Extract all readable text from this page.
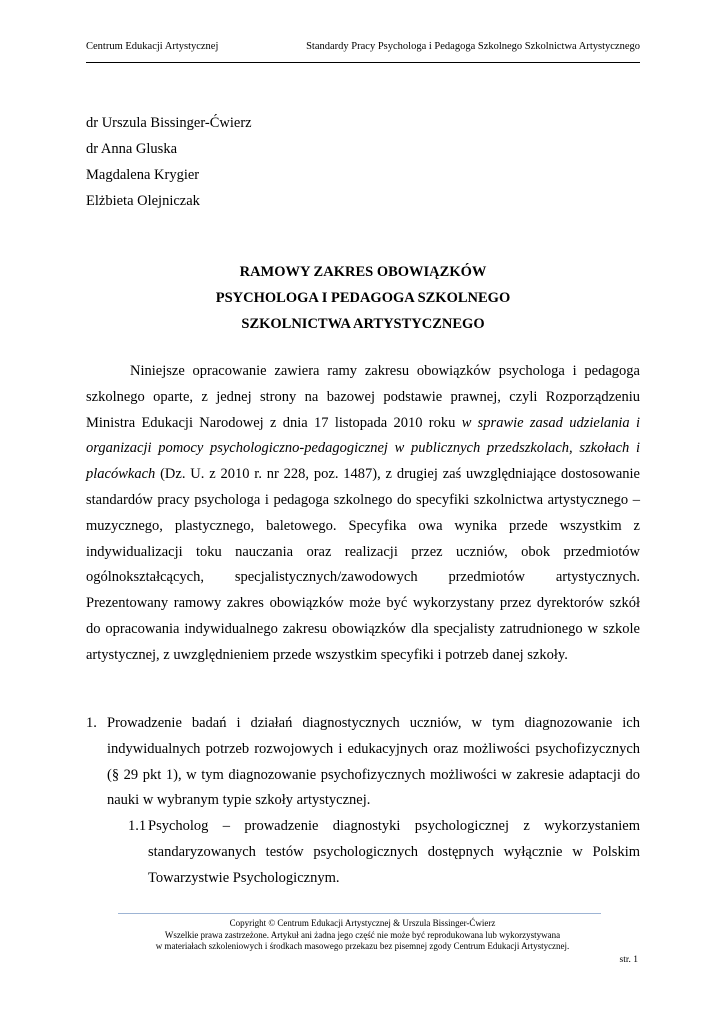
Centrum Edukacji Artystycznej	Standardy Pracy Psychologa i Pedagoga Szkolnego Szkolnictwa Artystycznego
dr Urszula Bissinger-Ćwierz
dr Anna Gluska
Magdalena Krygier
Elżbieta Olejniczak
RAMOWY ZAKRES OBOWIĄZKÓW
PSYCHOLOGA I PEDAGOGA SZKOLNEGO
SZKOLNICTWA ARTYSTYCZNEGO

Niniejsze opracowanie zawiera ramy zakresu obowiązków psychologa i pedagoga szkolnego oparte, z jednej strony na bazowej podstawie prawnej, czyli Rozporządzeniu Ministra Edukacji Narodowej z dnia 17 listopada 2010 roku w sprawie zasad udzielania i organizacji pomocy psychologiczno-pedagogicznej w publicznych przedszkolach, szkołach i placówkach (Dz. U. z 2010 r. nr 228, poz. 1487), z drugiej zaś uwzględniające dostosowanie standardów pracy psychologa i pedagoga szkolnego do specyfiki szkolnictwa artystycznego – muzycznego, plastycznego, baletowego. Specyfika owa wynika przede wszystkim z indywidualizacji toku nauczania oraz realizacji przez uczniów, obok przedmiotów ogólnokształcących, specjalistycznych/zawodowych przedmiotów artystycznych. Prezentowany ramowy zakres obowiązków może być wykorzystany przez dyrektorów szkół do opracowania indywidualnego zakresu obowiązków dla specjalisty zatrudnionego w szkole artystycznej, z uwzględnieniem przede wszystkim specyfiki i potrzeb danej szkoły.

1. Prowadzenie badań i działań diagnostycznych uczniów, w tym diagnozowanie ich indywidualnych potrzeb rozwojowych i edukacyjnych oraz możliwości psychofizycznych (§ 29 pkt 1), w tym diagnozowanie psychofizycznych możliwości w zakresie adaptacji do nauki w wybranym typie szkoły artystycznej.
1.1 Psycholog – prowadzenie diagnostyki psychologicznej z wykorzystaniem standaryzowanych testów psychologicznych dostępnych wyłącznie w Polskim Towarzystwie Psychologicznym.
Copyright © Centrum Edukacji Artystycznej & Urszula Bissinger-Ćwierz
Wszelkie prawa zastrzeżone. Artykuł ani żadna jego część nie może być reprodukowana lub wykorzystywana
w materiałach szkoleniowych i środkach masowego przekazu bez pisemnej zgody Centrum Edukacji Artystycznej.
str. 1
